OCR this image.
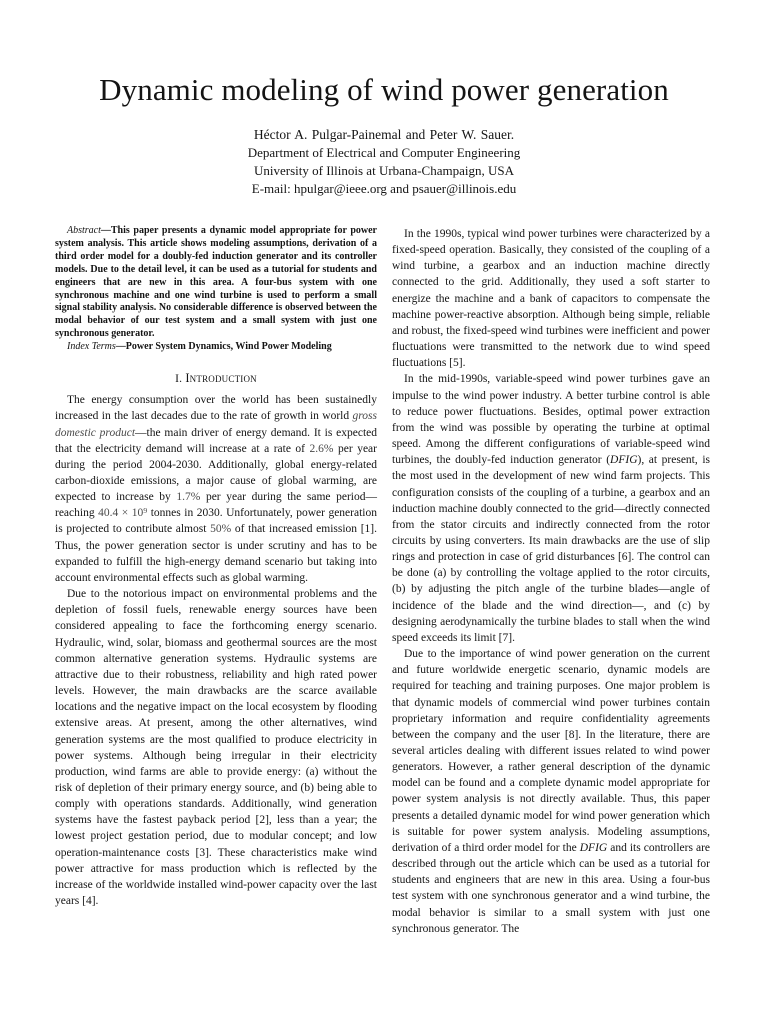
Dynamic modeling of wind power generation
Héctor A. Pulgar-Painemal and Peter W. Sauer.
Department of Electrical and Computer Engineering
University of Illinois at Urbana-Champaign, USA
E-mail: hpulgar@ieee.org and psauer@illinois.edu

Abstract—This paper presents a dynamic model appropriate for power system analysis. This article shows modeling assumptions, derivation of a third order model for a doubly-fed induction generator and its controller models. Due to the detail level, it can be used as a tutorial for students and engineers that are new in this area. A four-bus system with one synchronous machine and one wind turbine is used to perform a small signal stability analysis. No considerable difference is observed between the modal behavior of our test system and a small system with just one synchronous generator.

Index Terms—Power System Dynamics, Wind Power Modeling

I. Introduction

The energy consumption over the world has been sustainedly increased in the last decades due to the rate of growth in world gross domestic product—the main driver of energy demand. It is expected that the electricity demand will increase at a rate of 2.6% per year during the period 2004-2030. Additionally, global energy-related carbon-dioxide emissions, a major cause of global warming, are expected to increase by 1.7% per year during the same period—reaching 40.4 × 10⁹ tonnes in 2030. Unfortunately, power generation is projected to contribute almost 50% of that increased emission [1]. Thus, the power generation sector is under scrutiny and has to be expanded to fulfill the high-energy demand scenario but taking into account environmental effects such as global warming.

Due to the notorious impact on environmental problems and the depletion of fossil fuels, renewable energy sources have been considered appealing to face the forthcoming energy scenario. Hydraulic, wind, solar, biomass and geothermal sources are the most common alternative generation systems. Hydraulic systems are attractive due to their robustness, reliability and high rated power levels. However, the main drawbacks are the scarce available locations and the negative impact on the local ecosystem by flooding extensive areas. At present, among the other alternatives, wind generation systems are the most qualified to produce electricity in power systems. Although being irregular in their electricity production, wind farms are able to provide energy: (a) without the risk of depletion of their primary energy source, and (b) being able to comply with operations standards. Additionally, wind generation systems have the fastest payback period [2], less than a year; the lowest project gestation period, due to modular concept; and low operation-maintenance costs [3]. These characteristics make wind power attractive for mass production which is reflected by the increase of the worldwide installed wind-power capacity over the last years [4].

In the 1990s, typical wind power turbines were characterized by a fixed-speed operation. Basically, they consisted of the coupling of a wind turbine, a gearbox and an induction machine directly connected to the grid. Additionally, they used a soft starter to energize the machine and a bank of capacitors to compensate the machine power-reactive absorption. Although being simple, reliable and robust, the fixed-speed wind turbines were inefficient and power fluctuations were transmitted to the network due to wind speed fluctuations [5].

In the mid-1990s, variable-speed wind power turbines gave an impulse to the wind power industry. A better turbine control is able to reduce power fluctuations. Besides, optimal power extraction from the wind was possible by operating the turbine at optimal speed. Among the different configurations of variable-speed wind turbines, the doubly-fed induction generator (DFIG), at present, is the most used in the development of new wind farm projects. This configuration consists of the coupling of a turbine, a gearbox and an induction machine doubly connected to the grid—directly connected from the stator circuits and indirectly connected from the rotor circuits by using converters. Its main drawbacks are the use of slip rings and protection in case of grid disturbances [6]. The control can be done (a) by controlling the voltage applied to the rotor circuits, (b) by adjusting the pitch angle of the turbine blades—angle of incidence of the blade and the wind direction—, and (c) by designing aerodynamically the turbine blades to stall when the wind speed exceeds its limit [7].

Due to the importance of wind power generation on the current and future worldwide energetic scenario, dynamic models are required for teaching and training purposes. One major problem is that dynamic models of commercial wind power turbines contain proprietary information and require confidentiality agreements between the company and the user [8]. In the literature, there are several articles dealing with different issues related to wind power generators. However, a rather general description of the dynamic model can be found and a complete dynamic model appropriate for power system analysis is not directly available. Thus, this paper presents a detailed dynamic model for wind power generation which is suitable for power system analysis. Modeling assumptions, derivation of a third order model for the DFIG and its controllers are described through out the article which can be used as a tutorial for students and engineers that are new in this area. Using a four-bus test system with one synchronous generator and a wind turbine, the modal behavior is similar to a small system with just one synchronous generator. The
